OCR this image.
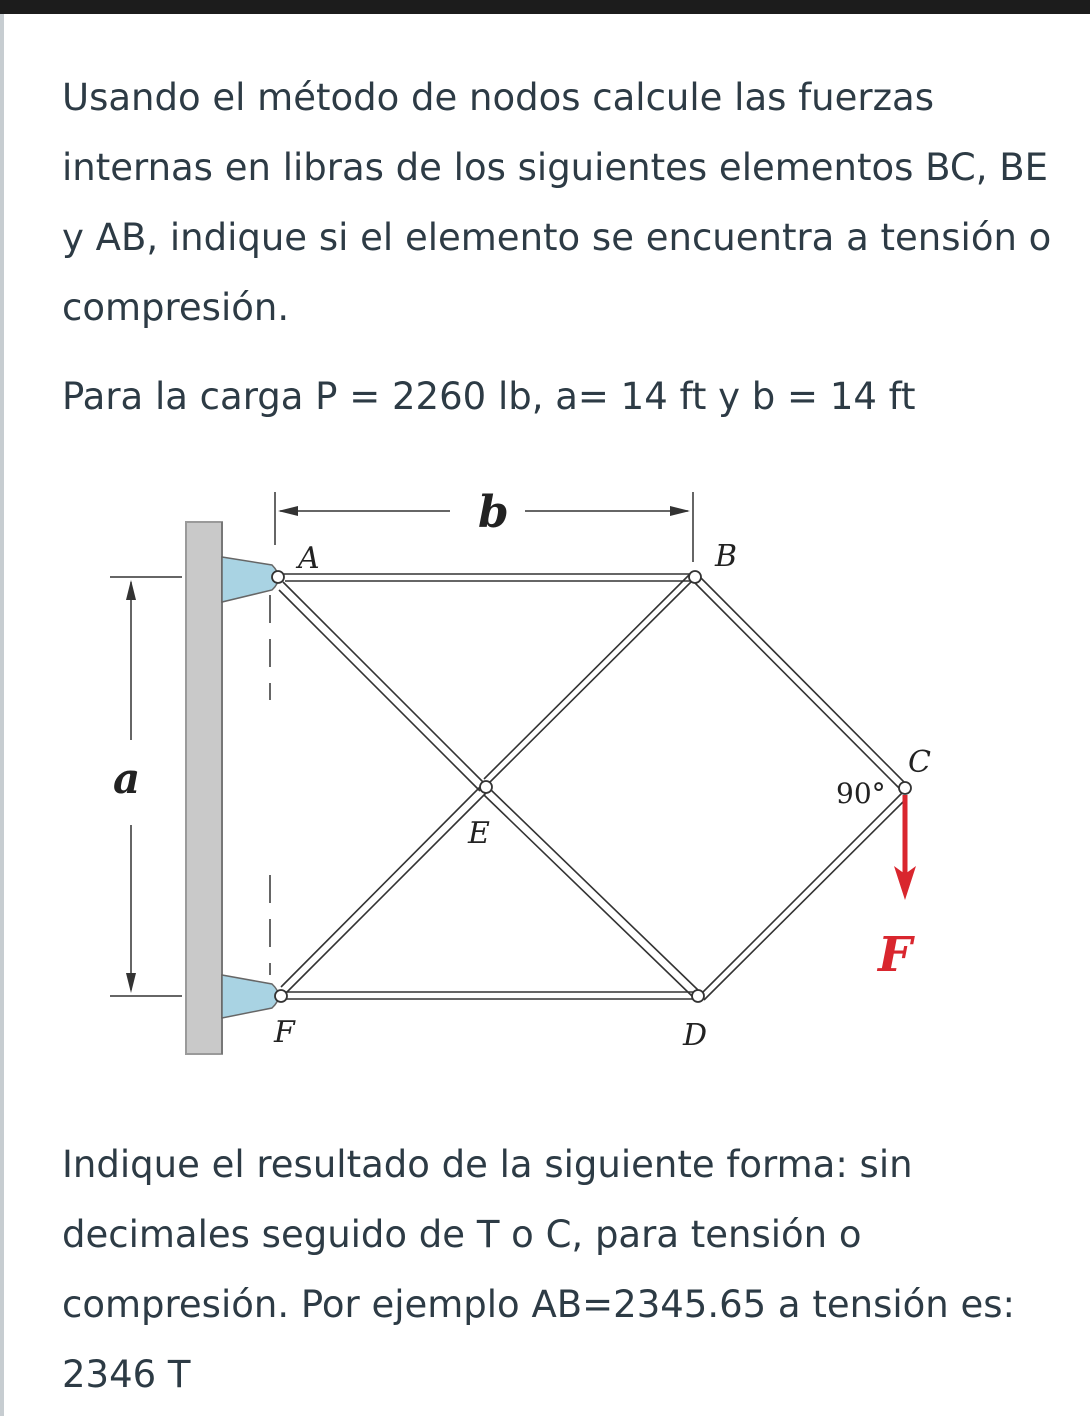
Usando el método de nodos calcule las fuerzas internas en libras de los siguientes elementos BC, BE y AB, indique si el elemento se encuentra a tensión o compresión.

Para la carga P = 2260 lb, a= 14 ft y b = 14 ft

a
b
A	B
C
E
F	D
90°
F

Indique el resultado de la siguiente forma: sin decimales seguido de T o C, para tensión o compresión. Por ejemplo AB=2345.65 a tensión es: 2346 T
